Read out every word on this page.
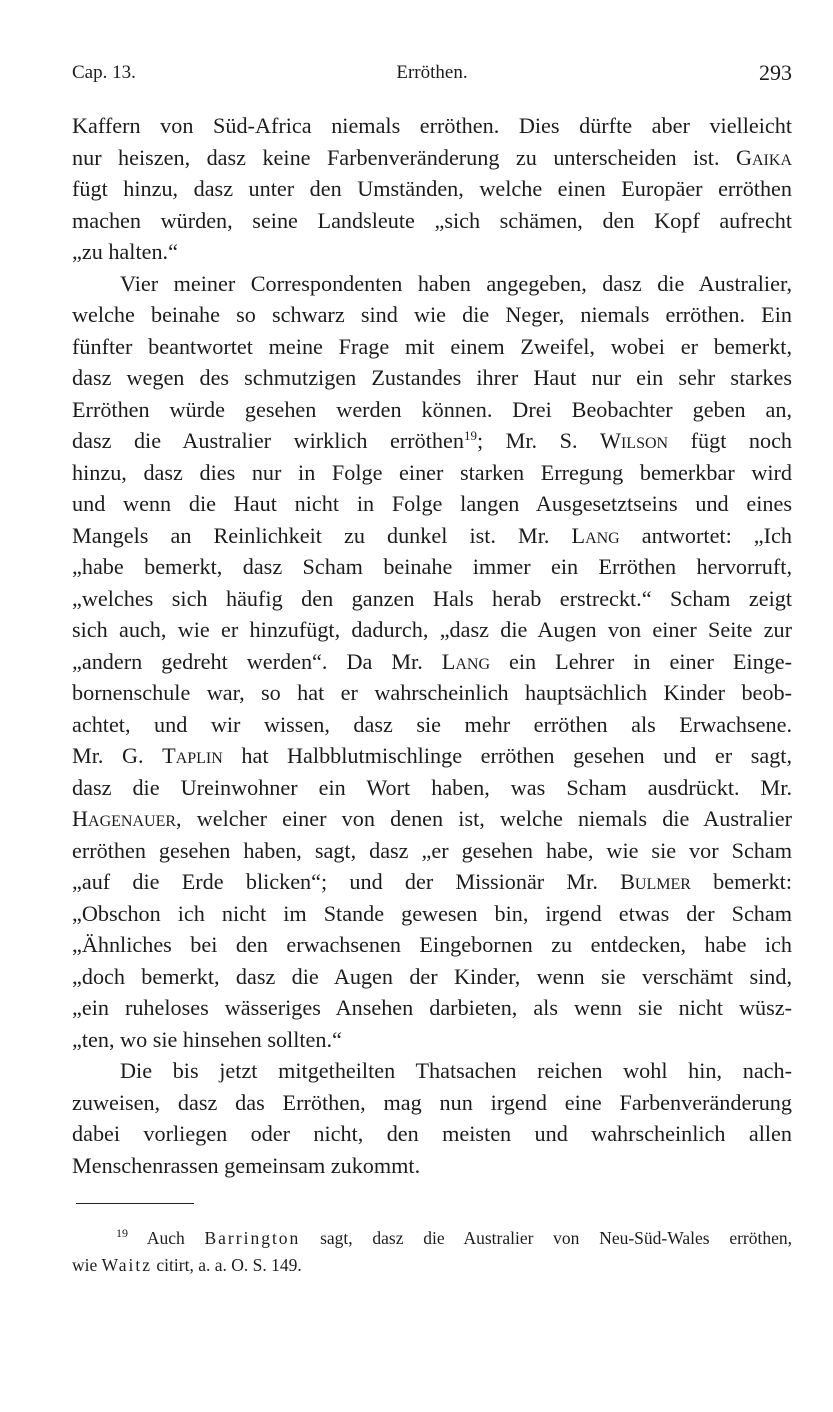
Cap. 13.	Erröthen.	293
Kaffern von Süd-Africa niemals erröthen. Dies dürfte aber vielleicht
nur heiszen, dasz keine Farbenveränderung zu unterscheiden ist. Gaika
fügt hinzu, dasz unter den Umständen, welche einen Europäer erröthen
machen würden, seine Landsleute „sich schämen, den Kopf aufrecht
„zu halten.“
Vier meiner Correspondenten haben angegeben, dasz die Australier,
welche beinahe so schwarz sind wie die Neger, niemals erröthen. Ein
fünfter beantwortet meine Frage mit einem Zweifel, wobei er bemerkt,
dasz wegen des schmutzigen Zustandes ihrer Haut nur ein sehr starkes
Erröthen würde gesehen werden können. Drei Beobachter geben an,
dasz die Australier wirklich erröthen$^{19}$; Mr. S. Wilson fügt noch
hinzu, dasz dies nur in Folge einer starken Erregung bemerkbar wird
und wenn die Haut nicht in Folge langen Ausgesetztseins und eines
Mangels an Reinlichkeit zu dunkel ist. Mr. Lang antwortet: „Ich
„habe bemerkt, dasz Scham beinahe immer ein Erröthen hervorruft,
„welches sich häufig den ganzen Hals herab erstreckt.“ Scham zeigt
sich auch, wie er hinzufügt, dadurch, „dasz die Augen von einer Seite zur
„andern gedreht werden“. Da Mr. Lang ein Lehrer in einer Einge-
bornenschule war, so hat er wahrscheinlich hauptsächlich Kinder beob-
achtet, und wir wissen, dasz sie mehr erröthen als Erwachsene.
Mr. G. Taplin hat Halbblutmischlinge erröthen gesehen und er sagt,
dasz die Ureinwohner ein Wort haben, was Scham ausdrückt. Mr.
Hagenauer, welcher einer von denen ist, welche niemals die Australier
erröthen gesehen haben, sagt, dasz „er gesehen habe, wie sie vor Scham
„auf die Erde blicken“; und der Missionär Mr. Bulmer bemerkt:
„Obschon ich nicht im Stande gewesen bin, irgend etwas der Scham
„Ähnliches bei den erwachsenen Eingebornen zu entdecken, habe ich
„doch bemerkt, dasz die Augen der Kinder, wenn sie verschämt sind,
„ein ruheloses wässeriges Ansehen darbieten, als wenn sie nicht wüsz-
„ten, wo sie hinsehen sollten.“
Die bis jetzt mitgetheilten Thatsachen reichen wohl hin, nach-
zuweisen, dasz das Erröthen, mag nun irgend eine Farbenveränderung
dabei vorliegen oder nicht, den meisten und wahrscheinlich allen
Menschenrassen gemeinsam zukommt.
$^{19}$ Auch Barrington sagt, dasz die Australier von Neu-Süd-Wales erröthen,
wie Waitz citirt, a. a. O. S. 149.
